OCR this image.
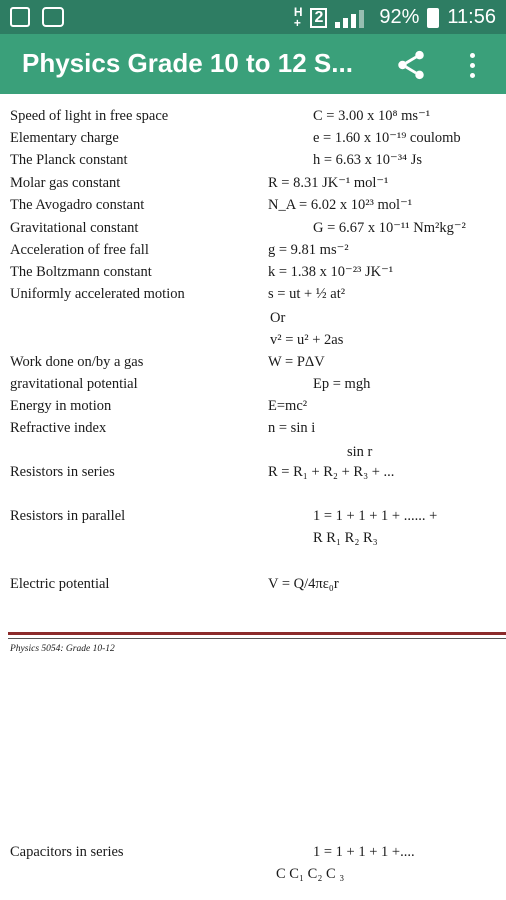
H
+ 2	92% 11:56
Physics Grade 10 to 12 S...
Speed of light in free space	C = 3.00 x 10⁸ ms⁻¹
Elementary charge	e = 1.60 x 10⁻¹⁹ coulomb
The Planck constant	h = 6.63 x 10⁻³⁴ Js
Molar gas constant	R = 8.31 JK⁻¹ mol⁻¹
The Avogadro constant	N_A = 6.02 x 10²³ mol⁻¹
Gravitational constant	G = 6.67 x 10⁻¹¹ Nm²kg⁻²
Acceleration of free fall	g = 9.81 ms⁻²
The Boltzmann constant	k = 1.38 x 10⁻²³ JK⁻¹
Uniformly accelerated motion	s = ut + ½ at²
Or
v² = u² + 2as
Work done on/by a gas	W = PΔV
gravitational potential	Ep = mgh
Energy in motion	E=mc²
Refractive index	n = sin i
sin r
Resistors in series	R = R₁ + R₂ + R₃ + ...
Resistors in parallel	1 = 1 + 1 + 1 + ...... +
R R₁ R₂ R₃
Electric potential	V = Q/4πε₀r
Physics 5054: Grade 10-12
Capacitors in series	1 = 1 + 1 + 1 +....
C C₁ C₂ C ₃
